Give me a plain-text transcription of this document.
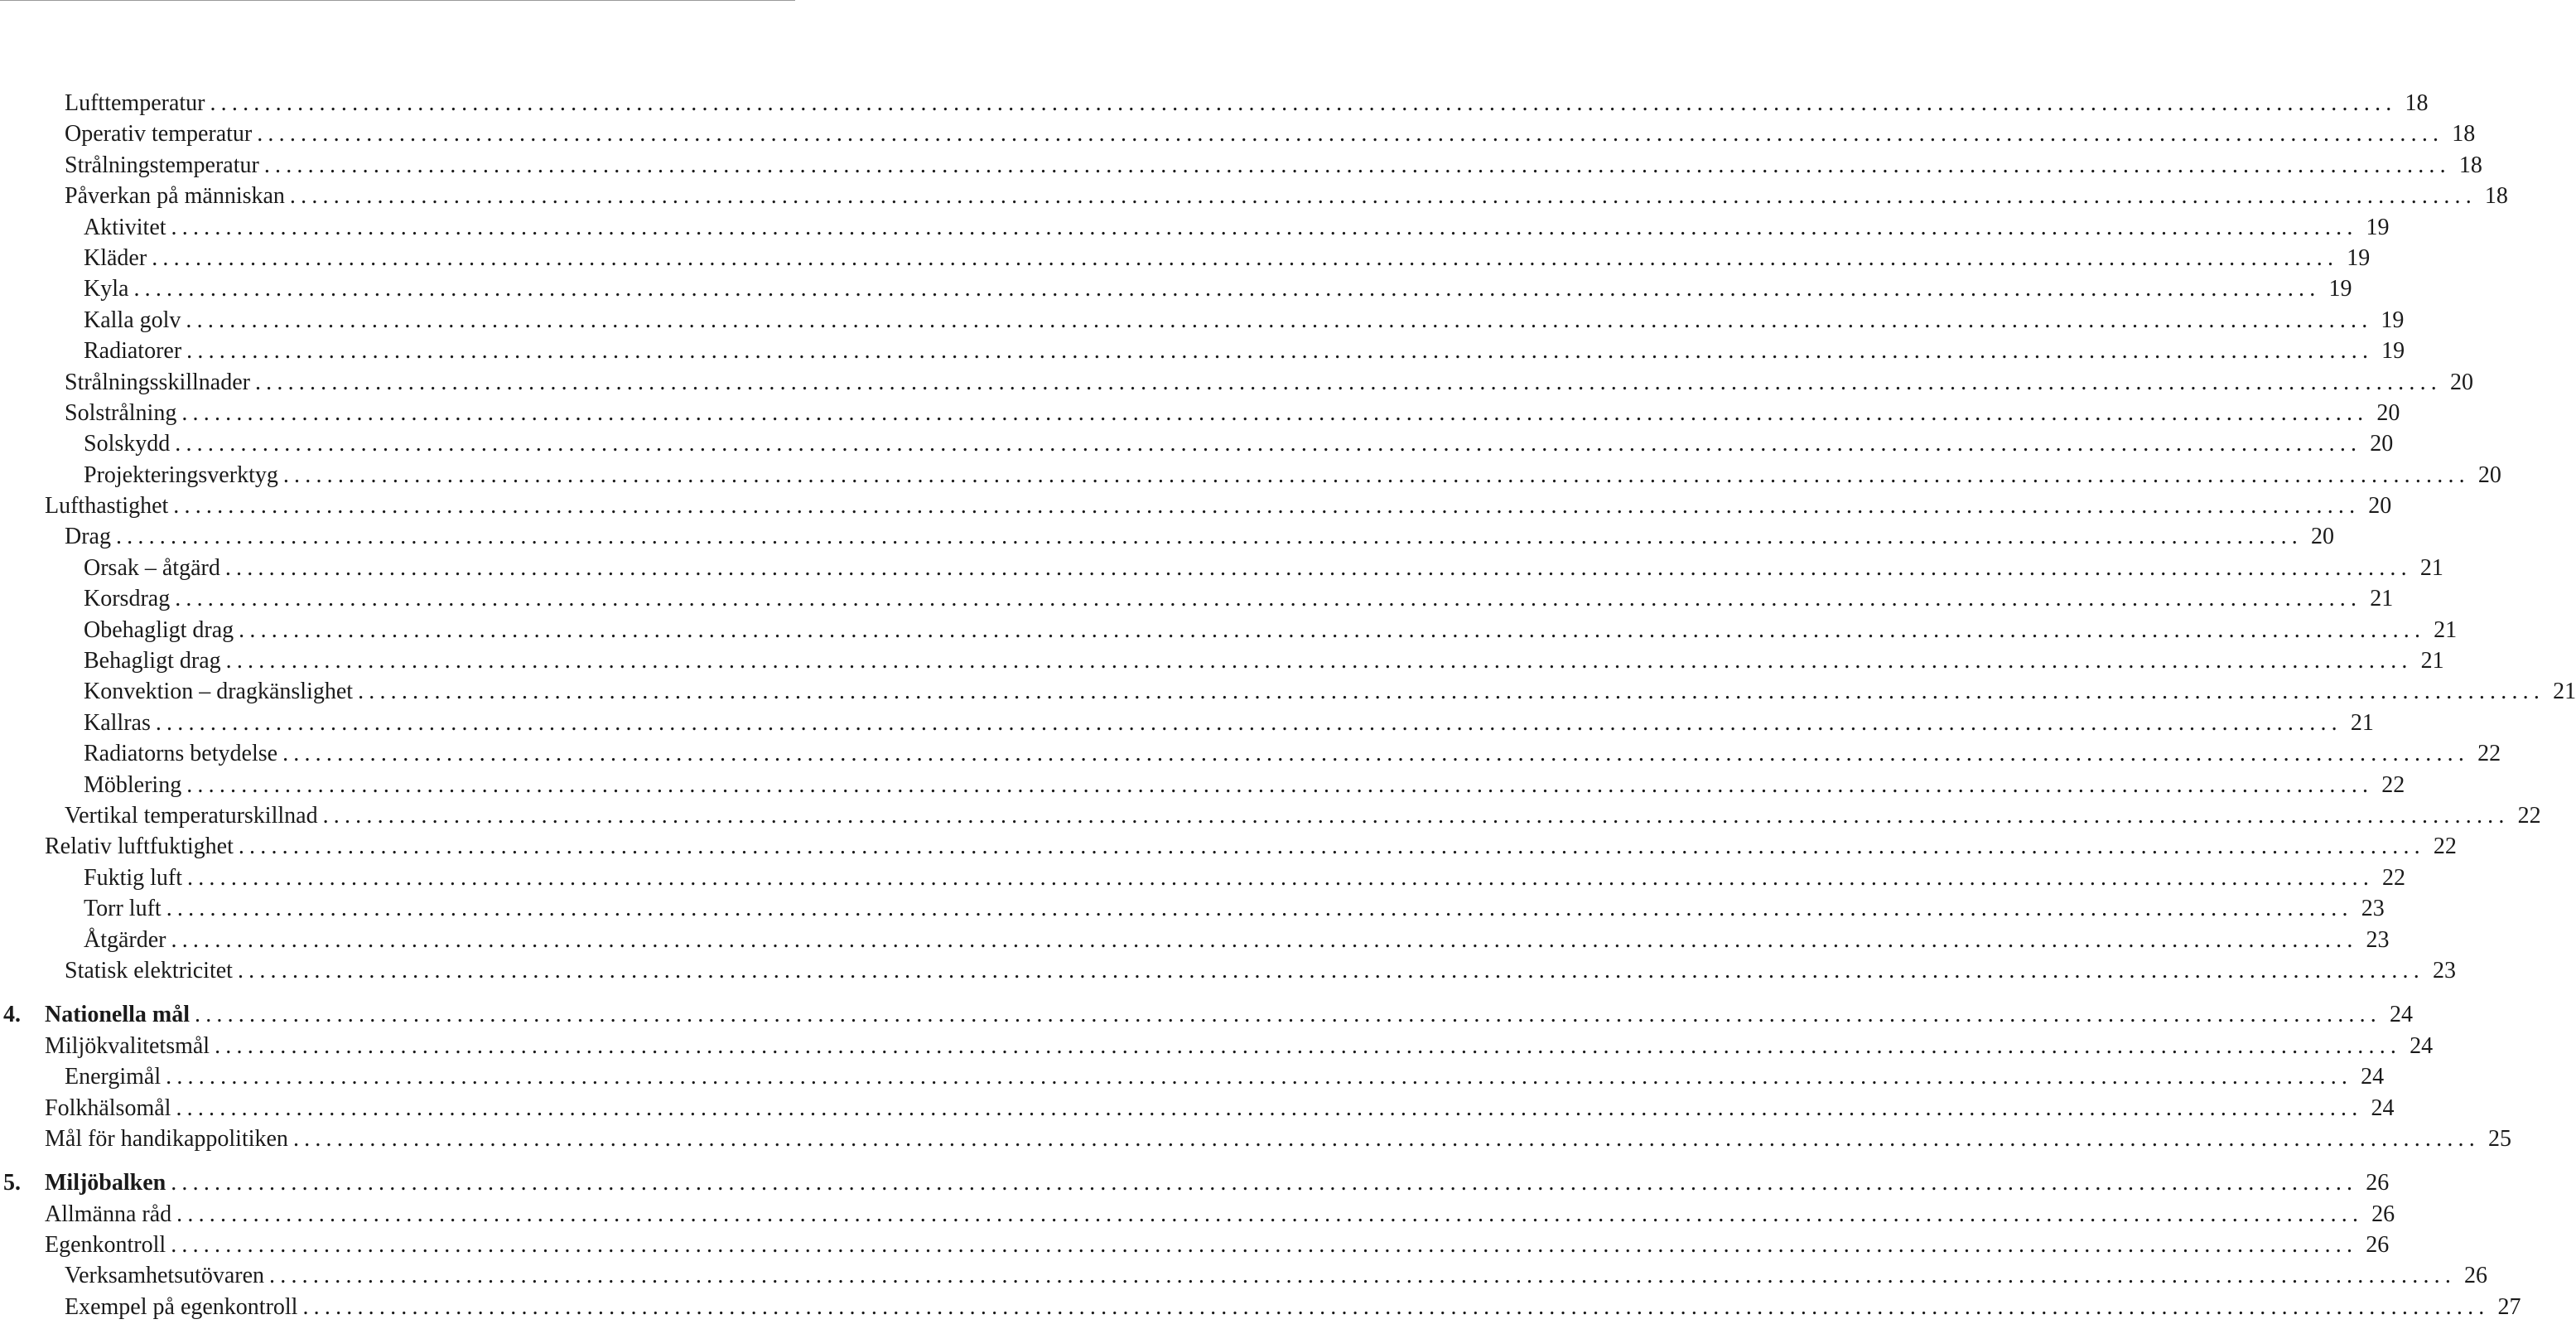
Lufttemperatur ........................................................................................................................................................................................................ 18
Operativ temperatur ........................................................................................................................................................................................................ 18
Strålningstemperatur ........................................................................................................................................................................................................ 18
Påverkan på människan ........................................................................................................................................................................................................ 18
Aktivitet ........................................................................................................................................................................................................ 19
Kläder ........................................................................................................................................................................................................ 19
Kyla ........................................................................................................................................................................................................ 19
Kalla golv ........................................................................................................................................................................................................ 19
Radiatorer ........................................................................................................................................................................................................ 19
Strålningsskillnader ........................................................................................................................................................................................................ 20
Solstrålning ........................................................................................................................................................................................................ 20
Solskydd ........................................................................................................................................................................................................ 20
Projekteringsverktyg ........................................................................................................................................................................................................ 20
Lufthastighet ........................................................................................................................................................................................................ 20
Drag ........................................................................................................................................................................................................ 20
Orsak – åtgärd ........................................................................................................................................................................................................ 21
Korsdrag ........................................................................................................................................................................................................ 21
Obehagligt drag ........................................................................................................................................................................................................ 21
Behagligt drag ........................................................................................................................................................................................................ 21
Konvektion – dragkänslighet ........................................................................................................................................................................................................ 21
Kallras ........................................................................................................................................................................................................ 21
Radiatorns betydelse ........................................................................................................................................................................................................ 22
Möblering ........................................................................................................................................................................................................ 22
Vertikal temperaturskillnad ........................................................................................................................................................................................................ 22
Relativ luftfuktighet ........................................................................................................................................................................................................ 22
Fuktig luft ........................................................................................................................................................................................................ 22
Torr luft ........................................................................................................................................................................................................ 23
Åtgärder ........................................................................................................................................................................................................ 23
Statisk elektricitet ........................................................................................................................................................................................................ 23
4. Nationella mål ........................................................................................................................................................................................................ 24
Miljökvalitetsmål ........................................................................................................................................................................................................ 24
Energimål ........................................................................................................................................................................................................ 24
Folkhälsomål ........................................................................................................................................................................................................ 24
Mål för handikappolitiken ........................................................................................................................................................................................................ 25
5. Miljöbalken ........................................................................................................................................................................................................ 26
Allmänna råd ........................................................................................................................................................................................................ 26
Egenkontroll ........................................................................................................................................................................................................ 26
Verksamhetsutövaren ........................................................................................................................................................................................................ 26
Exempel på egenkontroll ........................................................................................................................................................................................................ 27
